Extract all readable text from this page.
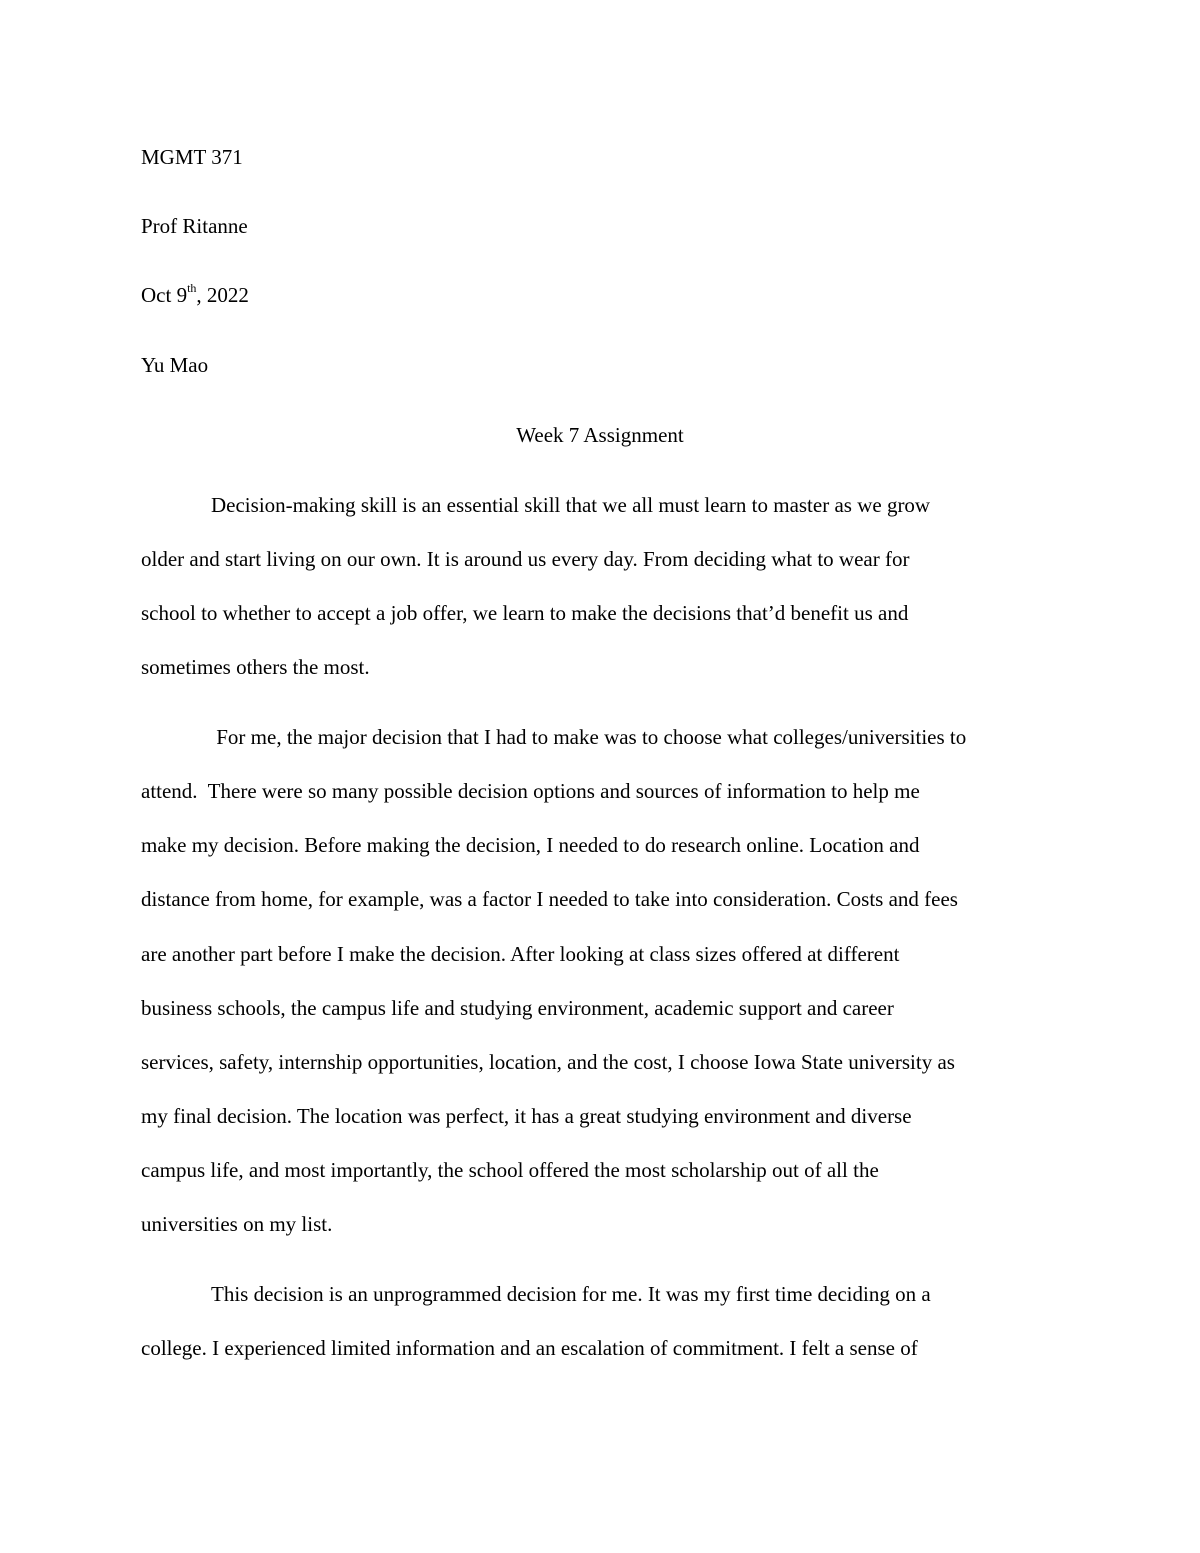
MGMT 371
Prof Ritanne
Oct 9th, 2022
Yu Mao
Week 7 Assignment
Decision-making skill is an essential skill that we all must learn to master as we grow
older and start living on our own. It is around us every day. From deciding what to wear for
school to whether to accept a job offer, we learn to make the decisions that’d benefit us and
sometimes others the most.
For me, the major decision that I had to make was to choose what colleges/universities to
attend.  There were so many possible decision options and sources of information to help me
make my decision. Before making the decision, I needed to do research online. Location and
distance from home, for example, was a factor I needed to take into consideration. Costs and fees
are another part before I make the decision. After looking at class sizes offered at different
business schools, the campus life and studying environment, academic support and career
services, safety, internship opportunities, location, and the cost, I choose Iowa State university as
my final decision. The location was perfect, it has a great studying environment and diverse
campus life, and most importantly, the school offered the most scholarship out of all the
universities on my list.
This decision is an unprogrammed decision for me. It was my first time deciding on a
college. I experienced limited information and an escalation of commitment. I felt a sense of
